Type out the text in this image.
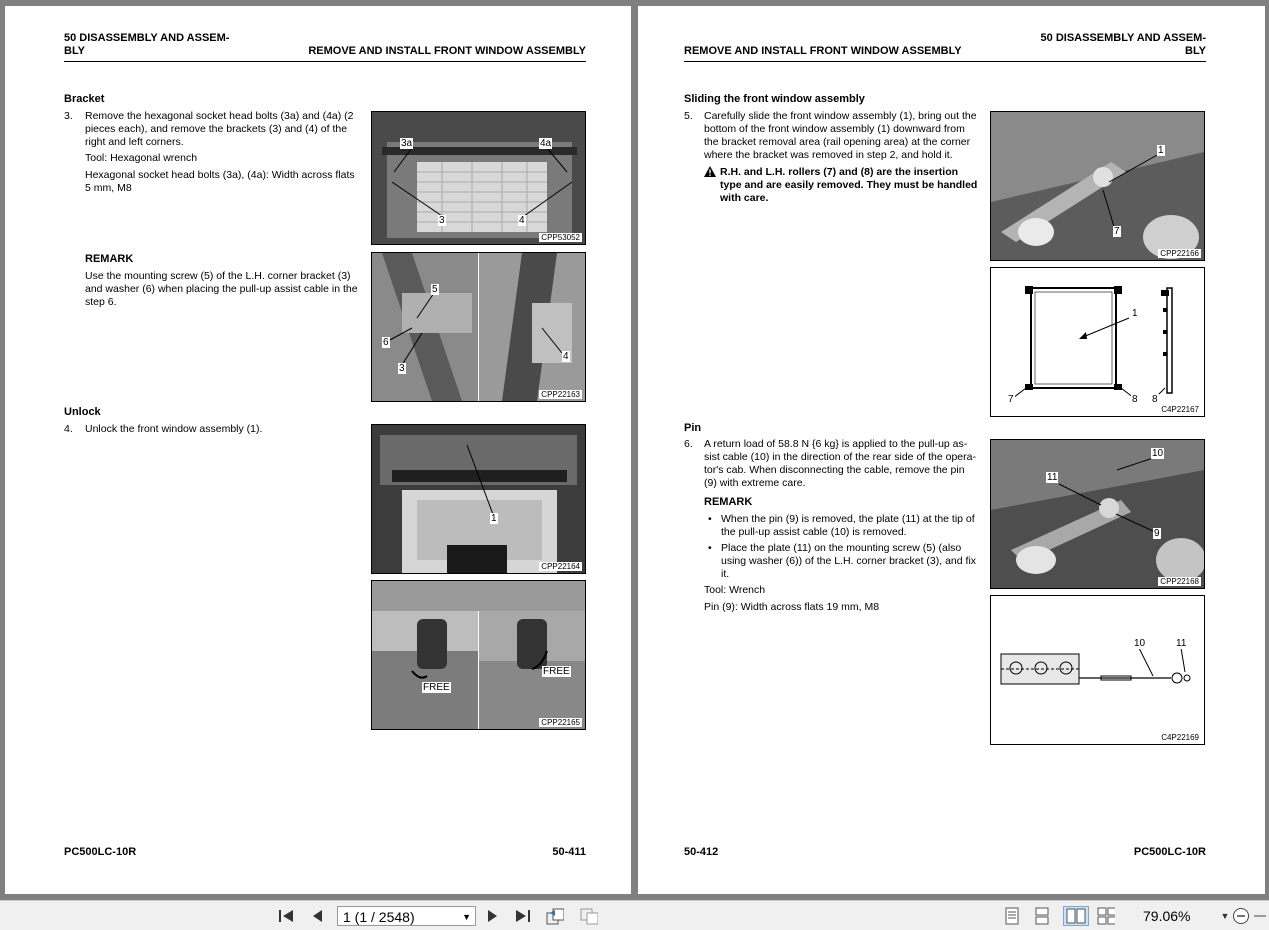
50 DISASSEMBLY AND ASSEM-
BLY	REMOVE AND INSTALL FRONT WINDOW ASSEMBLY
Bracket
3. Remove the hexagonal socket head bolts (3a) and (4a) (2
pieces each), and remove the brackets (3) and (4) of the
right and left corners.
Tool: Hexagonal wrench
Hexagonal socket head bolts (3a), (4a): Width across flats
5 mm, M8
REMARK
Use the mounting screw (5) of the L.H. corner bracket (3)
and washer (6) when placing the pull-up assist cable in the
step 6.
Unlock
4. Unlock the front window assembly (1).
3a	4a
3	4
CPP53052
5
6
3
4
CPP22163
1
CPP22164
FREE
FREE
CPP22165
PC500LC-10R	50-411
50 DISASSEMBLY AND ASSEM-
BLY
REMOVE AND INSTALL FRONT WINDOW ASSEMBLY
Sliding the front window assembly
5. Carefully slide the front window assembly (1), bring out the
bottom of the front window assembly (1) downward from
the bracket removal area (rail opening area) at the corner
where the bracket was removed in step 2, and hold it.
R.H. and L.H. rollers (7) and (8) are the insertion
type and are easily removed. They must be handled
with care.
Pin
6. A return load of 58.8 N {6 kg} is applied to the pull-up as-
sist cable (10) in the direction of the rear side of the opera-
tor's cab. When disconnecting the cable, remove the pin
(9) with extreme care.
REMARK
• When the pin (9) is removed, the plate (11) at the tip of
the pull-up assist cable (10) is removed.
• Place the plate (11) on the mounting screw (5) (also
using washer (6)) of the L.H. corner bracket (3), and fix
it.
Tool: Wrench
Pin (9): Width across flats 19 mm, M8
1
7
CPP22166
1
7	8 8
C4P22167
10
11
9
CPP22168
10	11
C4P22169
50-412	PC500LC-10R
1 (1 / 2548)	▼	79.06%	▼
